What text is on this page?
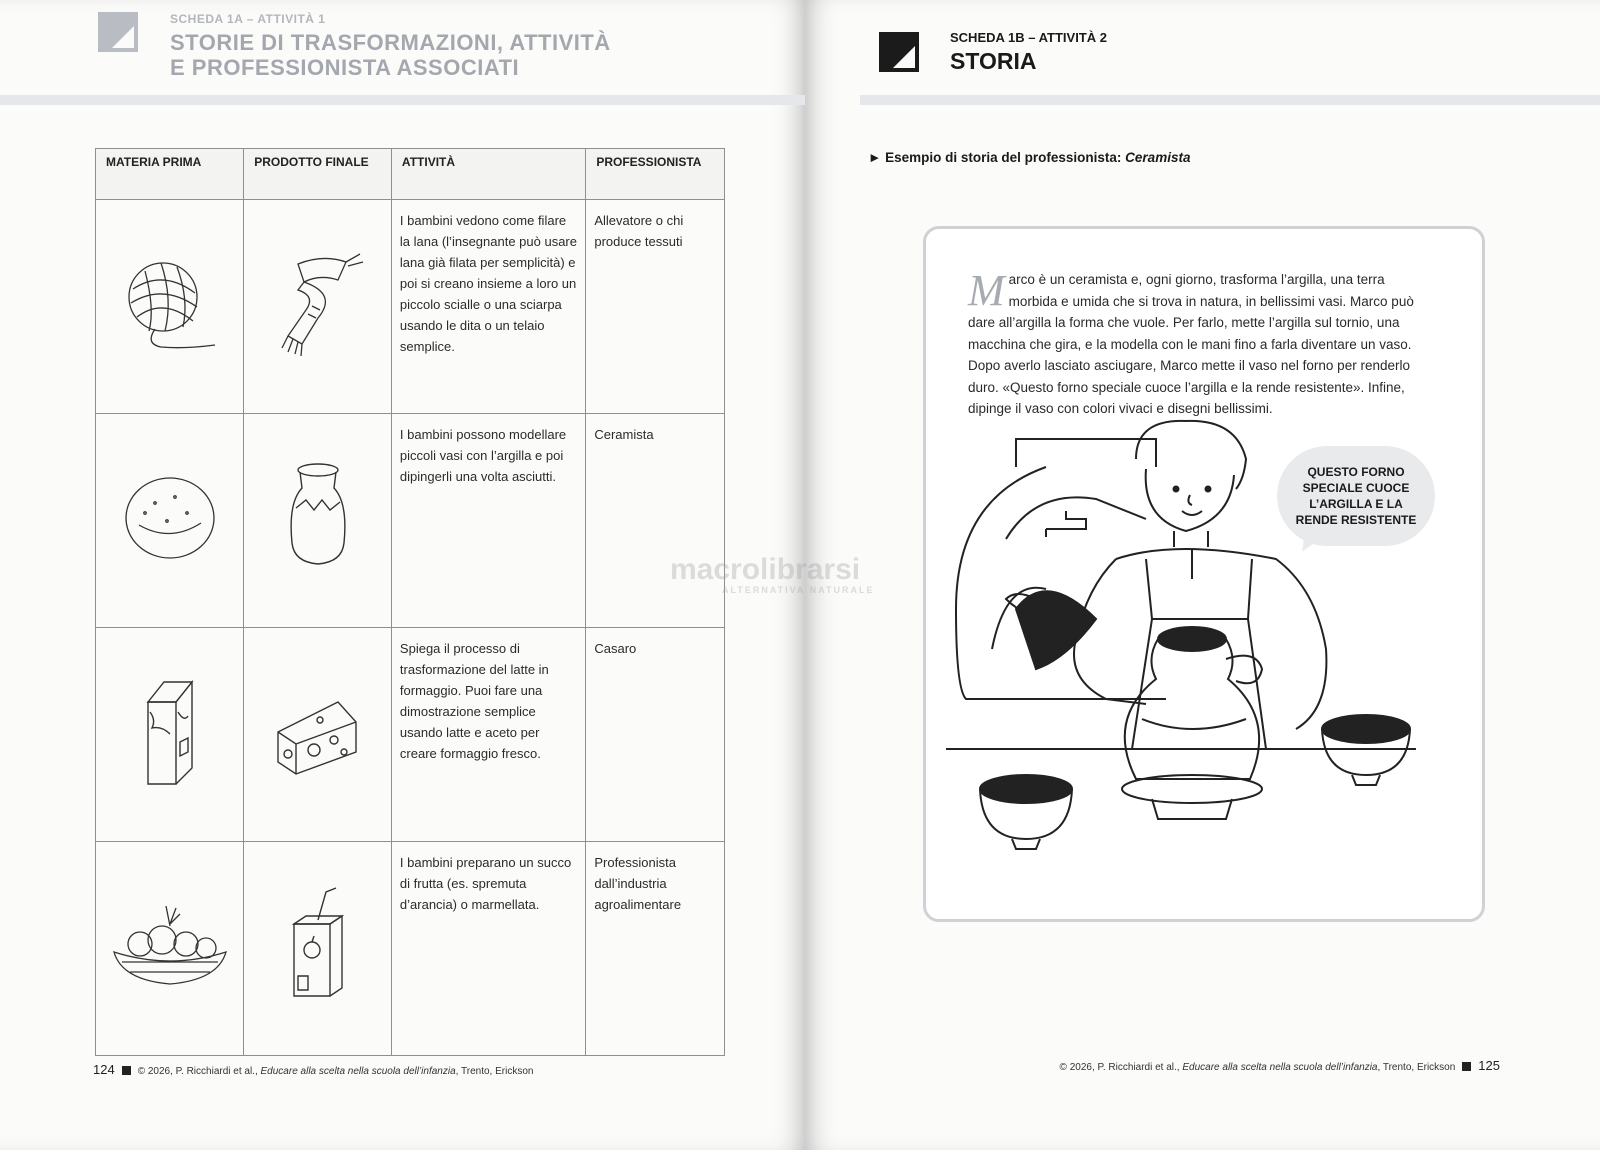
SCHEDA 1A – ATTIVITÀ 1
STORIE DI TRASFORMAZIONI, ATTIVITÀ
E PROFESSIONISTA ASSOCIATI
MATERIA PRIMA	PRODOTTO FINALE	ATTIVITÀ	PROFESSIONISTA
		I bambini vedono come filare la lana (l’insegnante può usare lana già filata per semplicità) e poi si creano insieme a loro un piccolo scialle o una sciarpa usando le dita o un telaio semplice.	Allevatore o chi produce tessuti
		I bambini possono modellare piccoli vasi con l’argilla e poi dipingerli una volta asciutti.	Ceramista
		Spiega il processo di trasformazione del latte in formaggio. Puoi fare una dimostrazione semplice usando latte e aceto per creare formaggio fresco.	Casaro
		I bambini preparano un succo di frutta (es. spremuta d’arancia) o marmellata.	Professionista dall’industria agroalimentare
124 © 2026, P. Ricchiardi et al., Educare alla scelta nella scuola dell’infanzia, Trento, Erickson
SCHEDA 1B – ATTIVITÀ 2
STORIA
► Esempio di storia del professionista: Ceramista
Marco è un ceramista e, ogni giorno, trasforma l’argilla, una terra morbida e umida che si trova in natura, in bellissimi vasi. Marco può dare all’argilla la forma che vuole. Per farlo, mette l’argilla sul tornio, una macchina che gira, e la modella con le mani fino a farla diventare un vaso. Dopo averlo lasciato asciugare, Marco mette il vaso nel forno per renderlo duro. «Questo forno speciale cuoce l’argilla e la rende resistente». Infine, dipinge il vaso con colori vivaci e disegni bellissimi.
QUESTO FORNO SPECIALE CUOCE L’ARGILLA E LA RENDE RESISTENTE
© 2026, P. Ricchiardi et al., Educare alla scelta nella scuola dell’infanzia, Trento, Erickson 125
macrolibrarsi
ALTERNATIVA NATURALE
